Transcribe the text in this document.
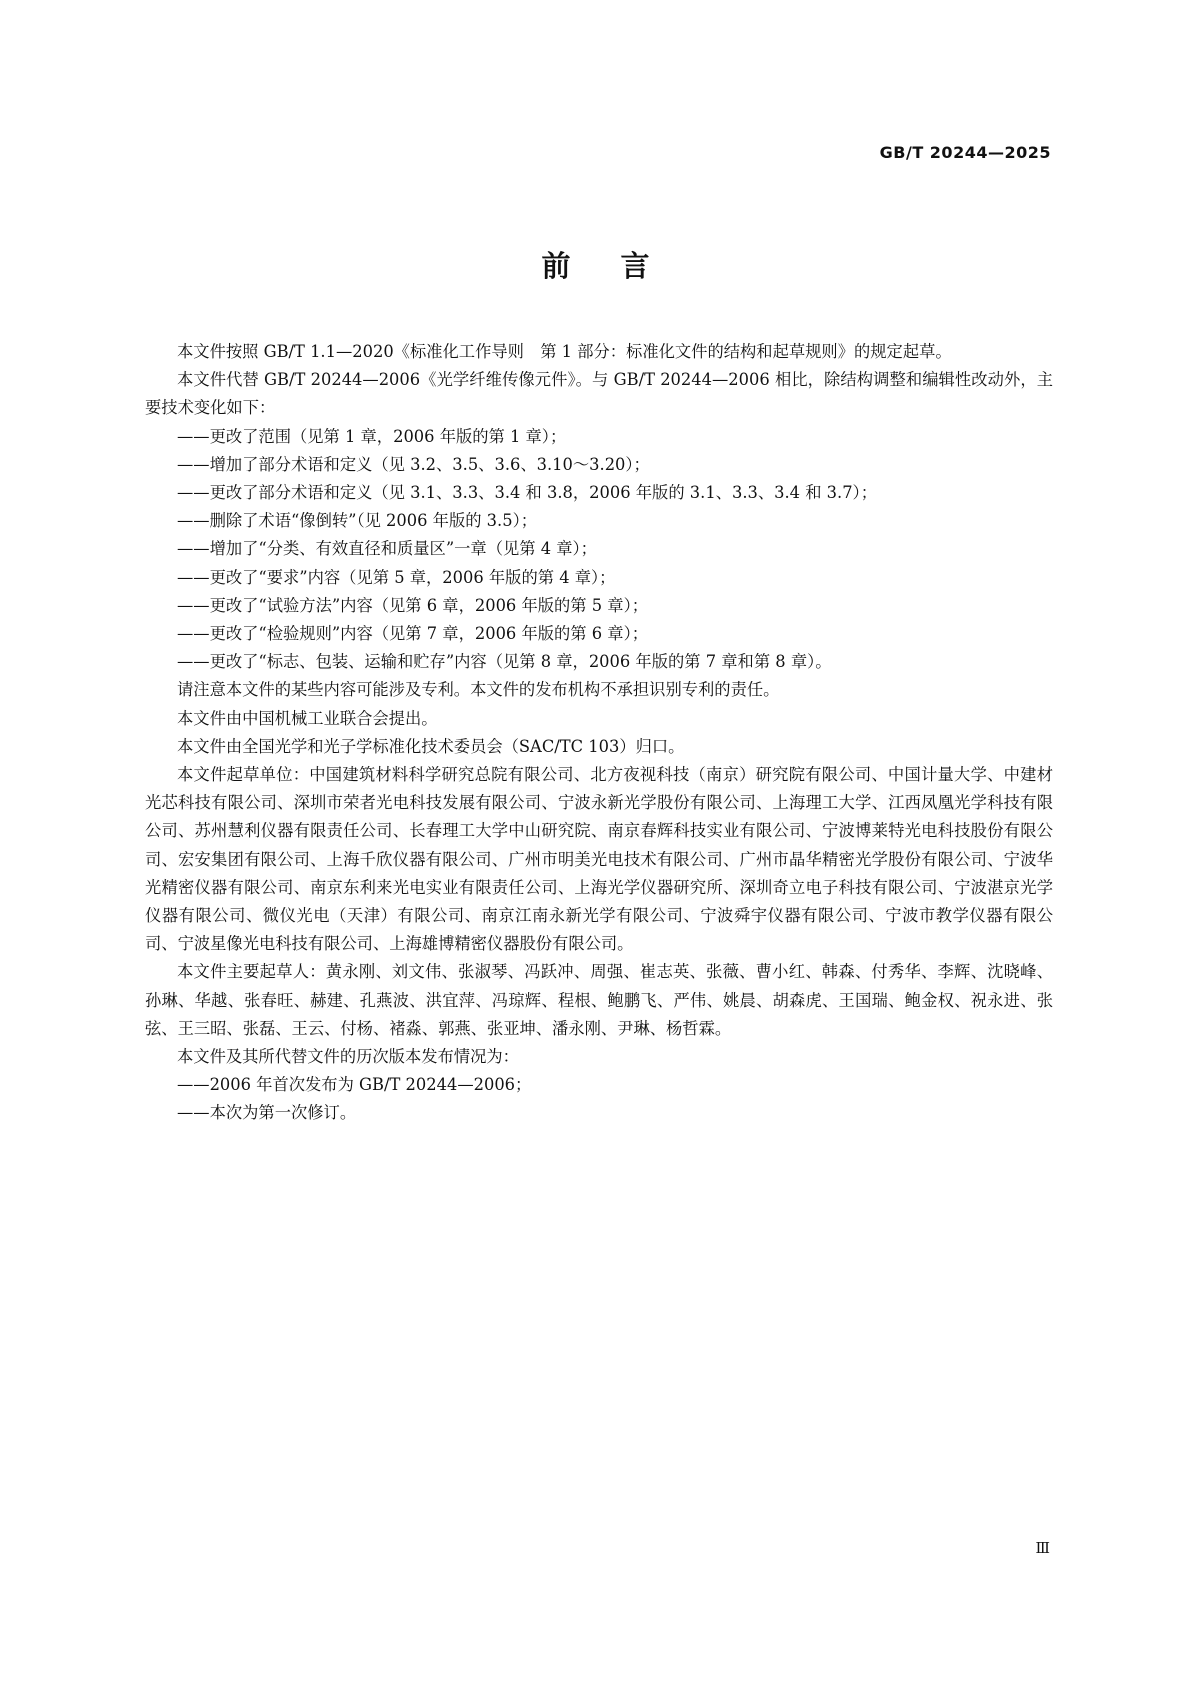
GB/T 20244—2025
前言

本文件按照 GB/T 1.1—2020《标准化工作导则　第 1 部分：标准化文件的结构和起草规则》的规定起草。

本文件代替 GB/T 20244—2006《光学纤维传像元件》。与 GB/T 20244—2006 相比，除结构调整和编辑性改动外，主要技术变化如下：

——更改了范围（见第 1 章，2006 年版的第 1 章）；

——增加了部分术语和定义（见 3.2、3.5、3.6、3.10～3.20）；

——更改了部分术语和定义（见 3.1、3.3、3.4 和 3.8，2006 年版的 3.1、3.3、3.4 和 3.7）；

——删除了术语“像倒转”（见 2006 年版的 3.5）；

——增加了“分类、有效直径和质量区”一章（见第 4 章）；

——更改了“要求”内容（见第 5 章，2006 年版的第 4 章）；

——更改了“试验方法”内容（见第 6 章，2006 年版的第 5 章）；

——更改了“检验规则”内容（见第 7 章，2006 年版的第 6 章）；

——更改了“标志、包装、运输和贮存”内容（见第 8 章，2006 年版的第 7 章和第 8 章）。

请注意本文件的某些内容可能涉及专利。本文件的发布机构不承担识别专利的责任。

本文件由中国机械工业联合会提出。

本文件由全国光学和光子学标准化技术委员会（SAC/TC 103）归口。

本文件起草单位：中国建筑材料科学研究总院有限公司、北方夜视科技（南京）研究院有限公司、中国计量大学、中建材光芯科技有限公司、深圳市荣者光电科技发展有限公司、宁波永新光学股份有限公司、上海理工大学、江西凤凰光学科技有限公司、苏州慧利仪器有限责任公司、长春理工大学中山研究院、南京春辉科技实业有限公司、宁波博莱特光电科技股份有限公司、宏安集团有限公司、上海千欣仪器有限公司、广州市明美光电技术有限公司、广州市晶华精密光学股份有限公司、宁波华光精密仪器有限公司、南京东利来光电实业有限责任公司、上海光学仪器研究所、深圳奇立电子科技有限公司、宁波湛京光学仪器有限公司、微仪光电（天津）有限公司、南京江南永新光学有限公司、宁波舜宇仪器有限公司、宁波市教学仪器有限公司、宁波星像光电科技有限公司、上海雄博精密仪器股份有限公司。

本文件主要起草人：黄永刚、刘文伟、张淑琴、冯跃冲、周强、崔志英、张薇、曹小红、韩森、付秀华、李辉、沈晓峰、孙琳、华越、张春旺、赫建、孔燕波、洪宜萍、冯琼辉、程根、鲍鹏飞、严伟、姚晨、胡森虎、王国瑞、鲍金权、祝永进、张弦、王三昭、张磊、王云、付杨、褚淼、郭燕、张亚坤、潘永刚、尹琳、杨哲霖。

本文件及其所代替文件的历次版本发布情况为：

——2006 年首次发布为 GB/T 20244—2006；

——本次为第一次修订。

Ⅲ
